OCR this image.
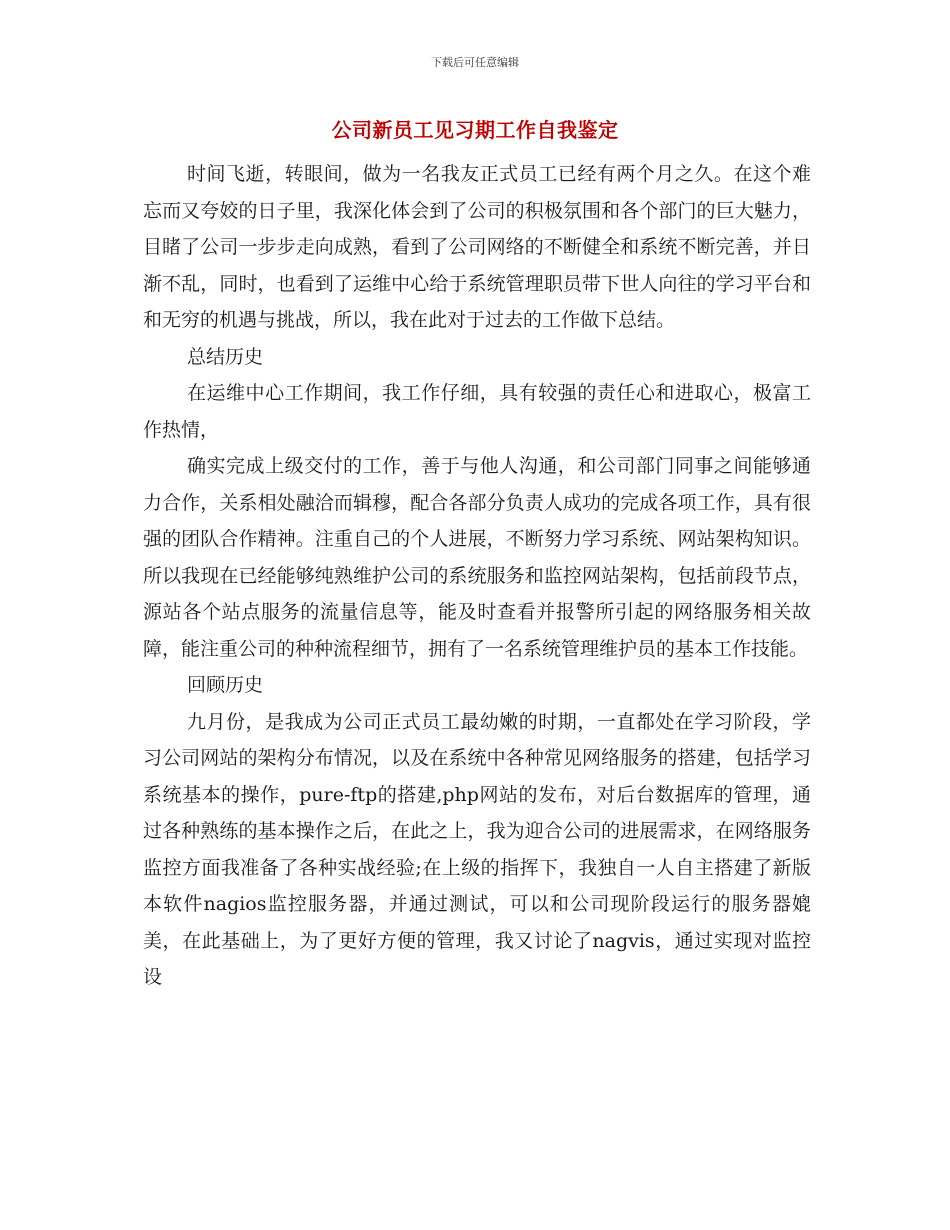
下载后可任意编辑
公司新员工见习期工作自我鉴定

时间飞逝，转眼间，做为一名我友正式员工已经有两个月之久。在这个难忘而又夸姣的日子里，我深化体会到了公司的积极氛围和各个部门的巨大魅力，目睹了公司一步步走向成熟，看到了公司网络的不断健全和系统不断完善，并日渐不乱，同时，也看到了运维中心给于系统管理职员带下世人向往的学习平台和和无穷的机遇与挑战，所以，我在此对于过去的工作做下总结。

总结历史

在运维中心工作期间，我工作仔细，具有较强的责任心和进取心，极富工作热情，

确实完成上级交付的工作，善于与他人沟通，和公司部门同事之间能够通力合作，关系相处融洽而辑穆，配合各部分负责人成功的完成各项工作，具有很强的团队合作精神。注重自己的个人进展，不断努力学习系统、网站架构知识。所以我现在已经能够纯熟维护公司的系统服务和监控网站架构，包括前段节点，源站各个站点服务的流量信息等，能及时查看并报警所引起的网络服务相关故障，能注重公司的种种流程细节，拥有了一名系统管理维护员的基本工作技能。

回顾历史

九月份，是我成为公司正式员工最幼嫩的时期，一直都处在学习阶段，学习公司网站的架构分布情况，以及在系统中各种常见网络服务的搭建，包括学习系统基本的操作，pure-ftp的搭建,php网站的发布，对后台数据库的管理，通过各种熟练的基本操作之后，在此之上，我为迎合公司的进展需求，在网络服务监控方面我准备了各种实战经验;在上级的指挥下，我独自一人自主搭建了新版本软件nagios监控服务器，并通过测试，可以和公司现阶段运行的服务器媲美，在此基础上，为了更好方便的管理，我又讨论了nagvis，通过实现对监控设
